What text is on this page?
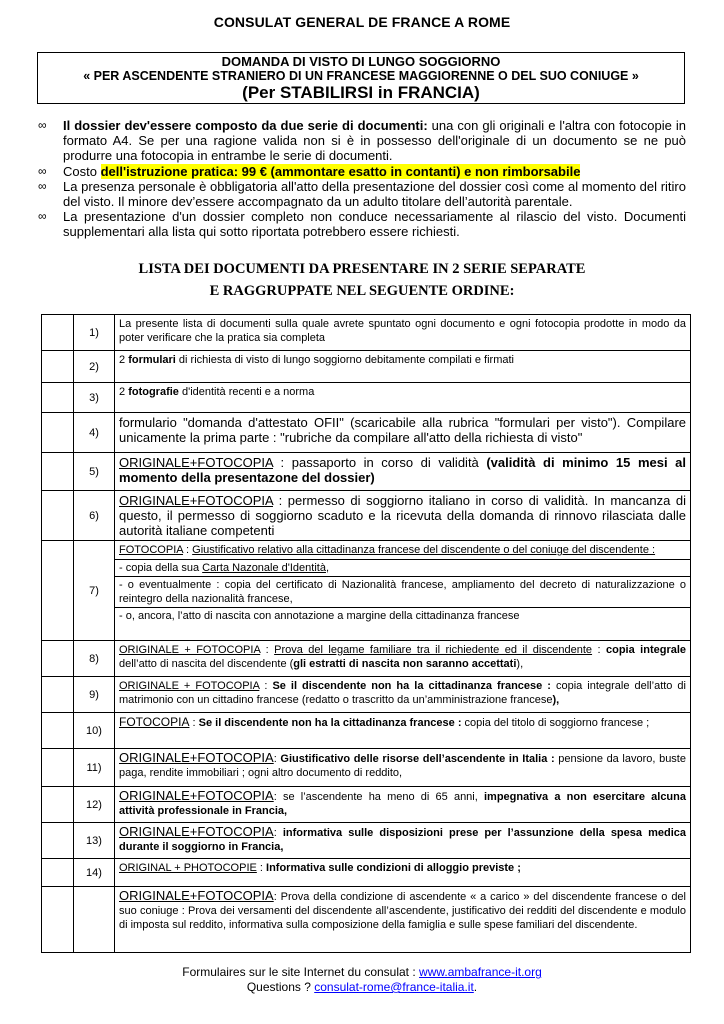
CONSULAT GENERAL DE FRANCE A ROME
DOMANDA DI VISTO DI LUNGO SOGGIORNO
« PER ASCENDENTE STRANIERO DI UN FRANCESE MAGGIORENNE O DEL SUO CONIUGE »
(Per STABILIRSI in FRANCIA)
∞ Il dossier dev'essere composto da due serie di documenti: una con gli originali e l'altra con fotocopie in formato A4. Se per una ragione valida non si è in possesso dell'originale di un documento se ne può produrre una fotocopia in entrambe le serie di documenti.
∞ Costo dell'istruzione pratica: 99 € (ammontare esatto in contanti) e non rimborsabile
∞ La presenza personale è obbligatoria all'atto della presentazione del dossier così come al momento del ritiro del visto. Il minore dev’essere accompagnato da un adulto titolare dell’autorità parentale.
∞ La presentazione d'un dossier completo non conduce necessariamente al rilascio del visto. Documenti supplementari alla lista qui sotto riportata potrebbero essere richiesti.
LISTA DEI DOCUMENTI DA PRESENTARE IN 2 SERIE SEPARATE
E RAGGRUPPATE NEL SEGUENTE ORDINE:
	1)	La presente lista di documenti sulla quale avrete spuntato ogni documento e ogni fotocopia prodotte in modo da poter verificare che la pratica sia completa
	2)	2 formulari di richiesta di visto di lungo soggiorno debitamente compilati e firmati
	3)	2 fotografie d'identità recenti e a norma
	4)	formulario "domanda d'attestato OFII" (scaricabile alla rubrica "formulari per visto"). Compilare unicamente la prima parte : "rubriche da compilare all'atto della richiesta di visto"
	5)	ORIGINALE+FOTOCOPIA : passaporto in corso di validità (validità di minimo 15 mesi al momento della presentazone del dossier)
	6)	ORIGINALE+FOTOCOPIA : permesso di soggiorno italiano in corso di validità. In mancanza di questo, il permesso di soggiorno scaduto e la ricevuta della domanda di rinnovo rilasciata dalle autorità italiane competenti
	7)	FOTOCOPIA : Giustificativo relativo alla cittadinanza francese del discendente o del coniuge del discendente :
- copia della sua Carta Nazonale d'Identità,
- o eventualmente : copia del certificato di Nazionalità francese, ampliamento del decreto di naturalizzazione o reintegro della nazionalità francese,
- o, ancora, l’atto di nascita con annotazione a margine della cittadinanza francese

	8)	ORIGINALE + FOTOCOPIA : Prova del legame familiare tra il richiedente ed il discendente : copia integrale dell’atto di nascita del discendente (gli estratti di nascita non saranno accettati),
	9)	ORIGINALE + FOTOCOPIA : Se il discendente non ha la cittadinanza francese : copia integrale dell’atto di matrimonio con un cittadino francese (redatto o trascritto da un’amministrazione francese),
	10)	FOTOCOPIA : Se il discendente non ha la cittadinanza francese : copia del titolo di soggiorno francese ;
	11)	ORIGINALE+FOTOCOPIA: Giustificativo delle risorse dell’ascendente in Italia : pensione da lavoro, buste paga, rendite immobiliari ; ogni altro documento di reddito,
	12)	ORIGINALE+FOTOCOPIA: se l’ascendente ha meno di 65 anni, impegnativa a non esercitare alcuna attività professionale in Francia,
	13)	ORIGINALE+FOTOCOPIA: informativa sulle disposizioni prese per l’assunzione della spesa medica durante il soggiorno in Francia,
	14)	ORIGINAL + PHOTOCOPIE : Informativa sulle condizioni di alloggio previste ;
		ORIGINALE+FOTOCOPIA: Prova della condizione di ascendente « a carico » del discendente francese o del suo coniuge : Prova dei versamenti del discendente all’ascendente, justificativo dei redditi del discendente e modulo di imposta sul reddito, informativa sulla composizione della famiglia e sulle spese familiari del discendente.
Formulaires sur le site Internet du consulat : www.ambafrance-it.org
Questions ? consulat-rome@france-italia.it.
